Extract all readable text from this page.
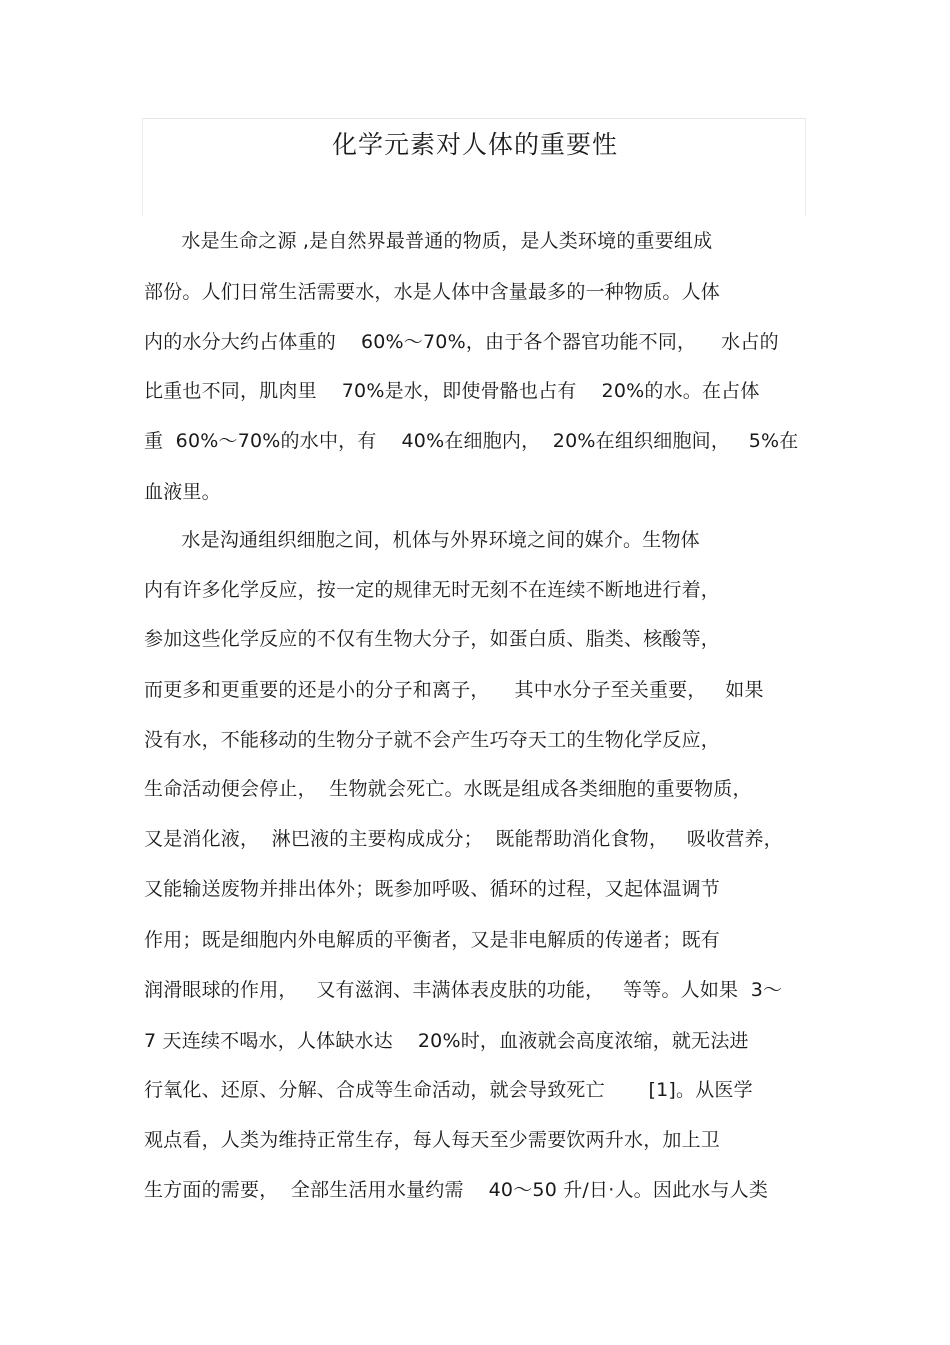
化学元素对人体的重要性
水是生命之源 ,是自然界最普通的物质，是人类环境的重要组成
部份。人们日常生活需要水，水是人体中含量最多的一种物质。人体
内的水分大约占体重的    60%～70%，由于各个器官功能不同，    水占的
比重也不同，肌肉里    70%是水，即使骨骼也占有    20%的水。在占体
重  60%～70%的水中，有    40%在细胞内，  20%在组织细胞间，   5%在
血液里。
水是沟通组织细胞之间，机体与外界环境之间的媒介。生物体
内有许多化学反应，按一定的规律无时无刻不在连续不断地进行着，
参加这些化学反应的不仅有生物大分子，如蛋白质、脂类、核酸等，
而更多和更重要的还是小的分子和离子，    其中水分子至关重要，   如果
没有水，不能移动的生物分子就不会产生巧夺天工的生物化学反应，
生命活动便会停止，  生物就会死亡。水既是组成各类细胞的重要物质，
又是消化液，  淋巴液的主要构成成分；  既能帮助消化食物，   吸收营养，
又能输送废物并排出体外；既参加呼吸、循环的过程，又起体温调节
作用；既是细胞内外电解质的平衡者，又是非电解质的传递者；既有
润滑眼球的作用，   又有滋润、丰满体表皮肤的功能，   等等。人如果  3～
7 天连续不喝水，人体缺水达    20%时，血液就会高度浓缩，就无法进
行氧化、还原、分解、合成等生命活动，就会导致死亡       [1]。从医学
观点看，人类为维持正常生存，每人每天至少需要饮两升水，加上卫
生方面的需要，  全部生活用水量约需    40～50 升/日·人。因此水与人类
